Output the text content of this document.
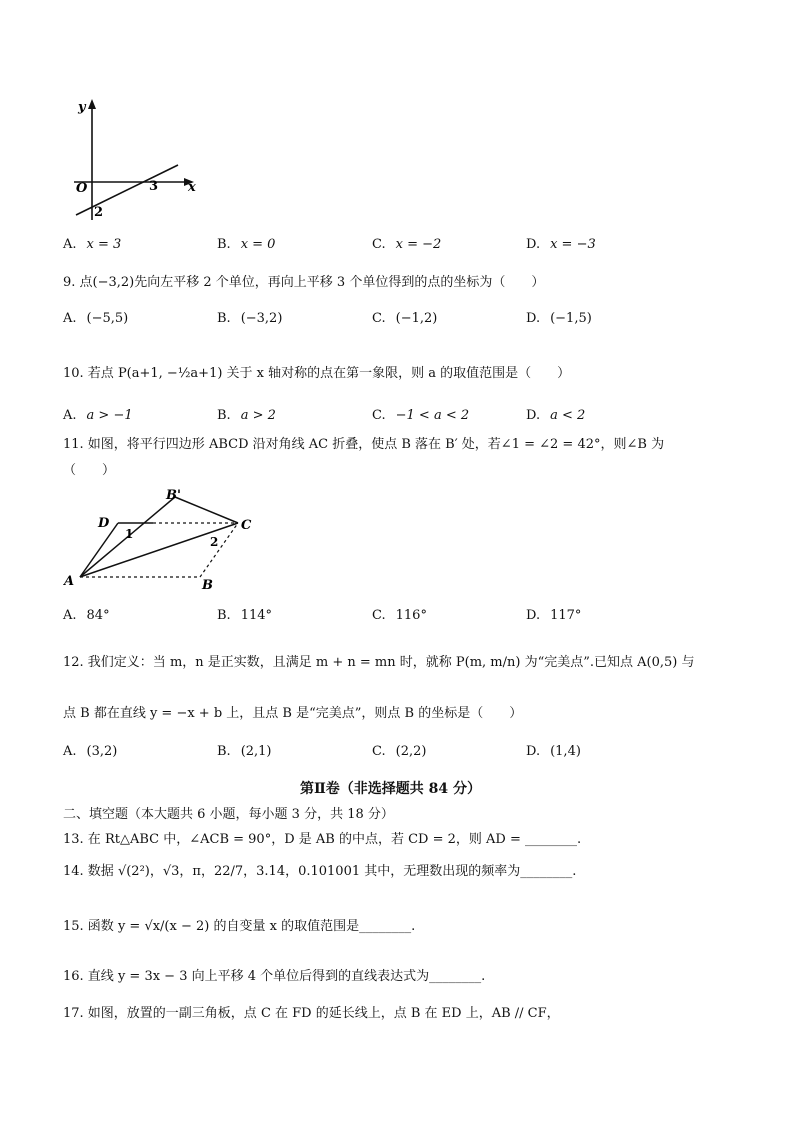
y
x
O	3
2
A. x = 3	B. x = 0	C. x = −2	D. x = −3
9. 点(−3,2)先向左平移 2 个单位，再向上平移 3 个单位得到的点的坐标为（　　）
A. (−5,5)	B. (−3,2)	C. (−1,2)	D. (−1,5)
10. 若点 P(a+1, −½a+1) 关于 x 轴对称的点在第一象限，则 a 的取值范围是（　　）
A. a > −1	B. a > 2	C. −1 < a < 2	D. a < 2
11. 如图，将平行四边形 ABCD 沿对角线 AC 折叠，使点 B 落在 B′ 处，若∠1 = ∠2 = 42°，则∠B 为
（　　）
A	B
C
D
B'
1
2
A. 84°	B. 114°	C. 116°	D. 117°
12. 我们定义：当 m，n 是正实数，且满足 m + n = mn 时，就称 P(m, m/n) 为“完美点”.已知点 A(0,5) 与
点 B 都在直线 y = −x + b 上，且点 B 是“完美点”，则点 B 的坐标是（　　）
A. (3,2)	B. (2,1)	C. (2,2)	D. (1,4)
第Ⅱ卷（非选择题共 84 分）
二、填空题（本大题共 6 小题，每小题 3 分，共 18 分）
13. 在 Rt△ABC 中，∠ACB = 90°，D 是 AB 的中点，若 CD = 2，则 AD = ________.
14. 数据 √(2²)，√3，π，22/7，3.14，0.101001 其中，无理数出现的频率为________.
15. 函数 y = √x/(x − 2) 的自变量 x 的取值范围是________.
16. 直线 y = 3x − 3 向上平移 4 个单位后得到的直线表达式为________.
17. 如图，放置的一副三角板，点 C 在 FD 的延长线上，点 B 在 ED 上，AB // CF，
